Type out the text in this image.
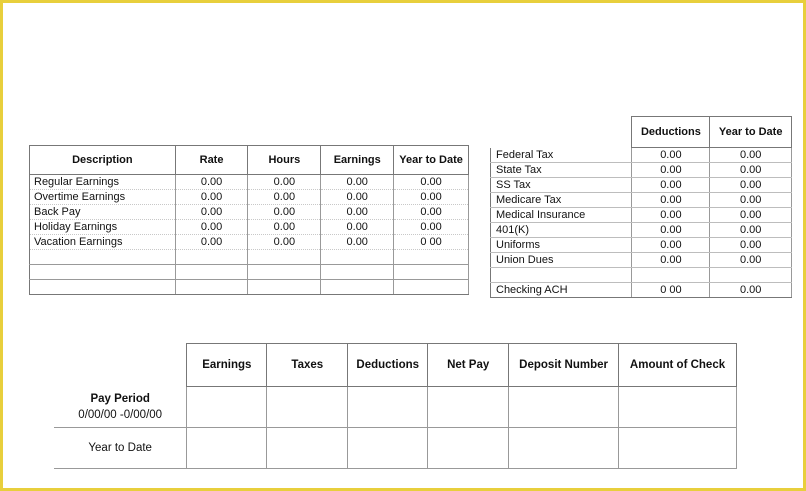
Description	Rate	Hours	Earnings	Year to Date
Regular Earnings	0.00	0.00	0.00	0.00
Overtime Earnings	0.00	0.00	0.00	0.00
Back Pay	0.00	0.00	0.00	0.00
Holiday Earnings	0.00	0.00	0.00	0.00
Vacation Earnings	0.00	0.00	0.00	0 00

	Deductions	Year to Date
Federal Tax	0.00	0.00
State Tax	0.00	0.00
SS Tax	0.00	0.00
Medicare Tax	0.00	0.00
Medical Insurance	0.00	0.00
401(K)	0.00	0.00
Uniforms	0.00	0.00
Union Dues	0.00	0.00

Checking ACH	0 00	0.00
	Earnings	Taxes	Deductions	Net Pay	Deposit Number	Amount of Check

Pay Period
0/00/00 -0/00/00						

Year to Date						
